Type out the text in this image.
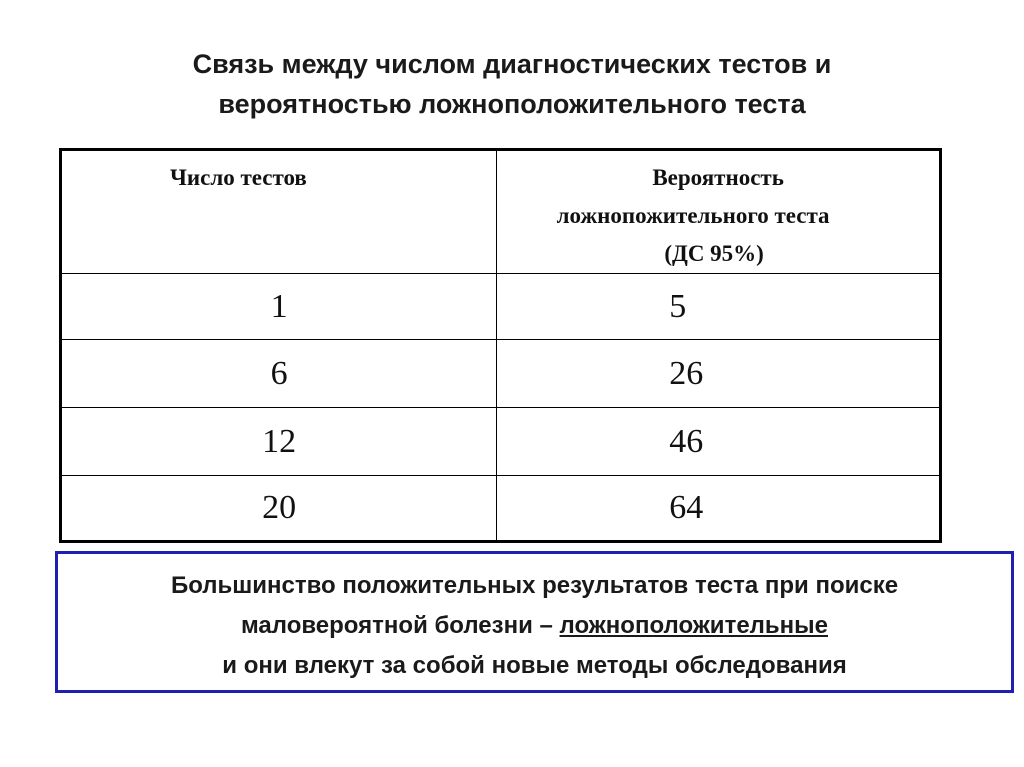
Связь между числом диагностических тестов и
вероятностью ложноположительного теста
Число тестов	Вероятность
ложнопожительного теста
(ДС 95%)

1	5
6	26
12	46
20	64
Большинство положительных результатов теста при поиске
маловероятной болезни – ложноположительные
и они влекут за собой новые методы обследования
